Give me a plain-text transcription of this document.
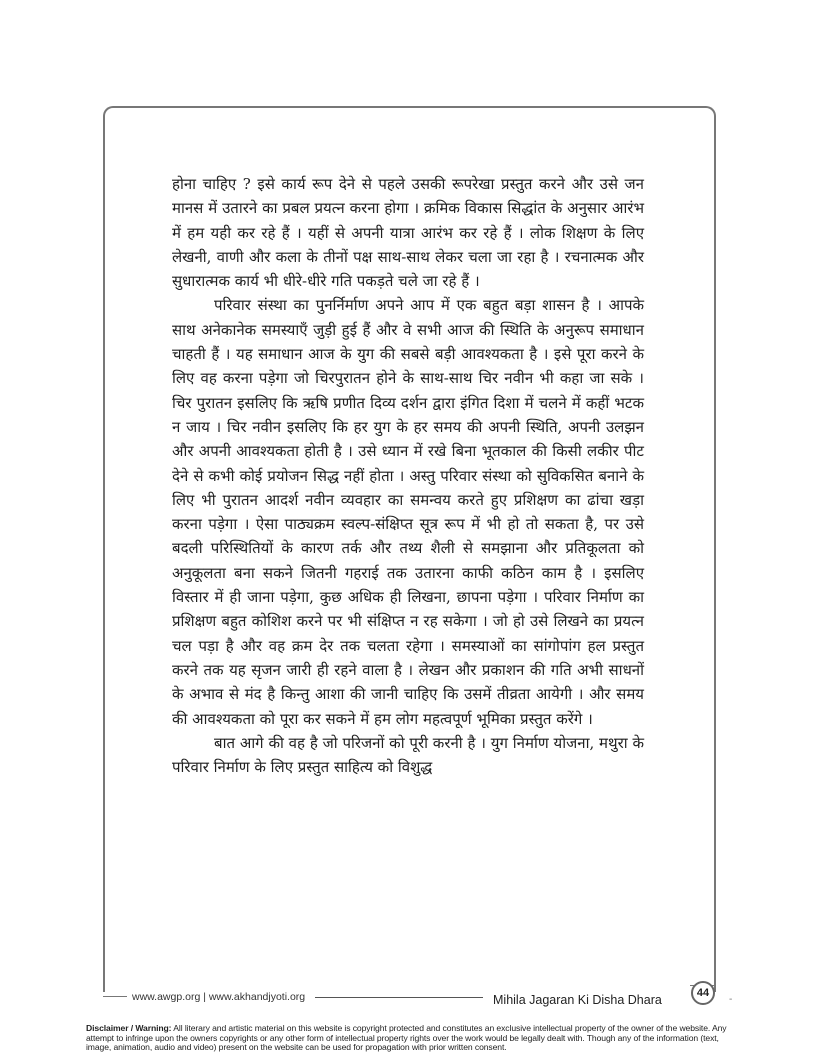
होना चाहिए ? इसे कार्य रूप देने से पहले उसकी रूपरेखा प्रस्तुत करने और उसे जन मानस में उतारने का प्रबल प्रयत्न करना होगा । क्रमिक विकास सिद्धांत के अनुसार आरंभ में हम यही कर रहे हैं । यहीं से अपनी यात्रा आरंभ कर रहे हैं । लोक शिक्षण के लिए लेखनी, वाणी और कला के तीनों पक्ष साथ-साथ लेकर चला जा रहा है । रचनात्मक और सुधारात्मक कार्य भी धीरे-धीरे गति पकड़ते चले जा रहे हैं ।

परिवार संस्था का पुनर्निर्माण अपने आप में एक बहुत बड़ा शासन है । आपके साथ अनेकानेक समस्याएँ जुड़ी हुई हैं और वे सभी आज की स्थिति के अनुरूप समाधान चाहती हैं । यह समाधान आज के युग की सबसे बड़ी आवश्यकता है । इसे पूरा करने के लिए वह करना पड़ेगा जो चिरपुरातन होने के साथ-साथ चिर नवीन भी कहा जा सके । चिर पुरातन इसलिए कि ऋषि प्रणीत दिव्य दर्शन द्वारा इंगित दिशा में चलने में कहीं भटक न जाय । चिर नवीन इसलिए कि हर युग के हर समय की अपनी स्थिति, अपनी उलझन और अपनी आवश्यकता होती है । उसे ध्यान में रखे बिना भूतकाल की किसी लकीर पीट देने से कभी कोई प्रयोजन सिद्ध नहीं होता । अस्तु परिवार संस्था को सुविकसित बनाने के लिए भी पुरातन आदर्श नवीन व्यवहार का समन्वय करते हुए प्रशिक्षण का ढांचा खड़ा करना पड़ेगा । ऐसा पाठ्यक्रम स्वल्प-संक्षिप्त सूत्र रूप में भी हो तो सकता है, पर उसे बदली परिस्थितियों के कारण तर्क और तथ्य शैली से समझाना और प्रतिकूलता को अनुकूलता बना सकने जितनी गहराई तक उतारना काफी कठिन काम है । इसलिए विस्तार में ही जाना पड़ेगा, कुछ अधिक ही लिखना, छापना पड़ेगा । परिवार निर्माण का प्रशिक्षण बहुत कोशिश करने पर भी संक्षिप्त न रह सकेगा । जो हो उसे लिखने का प्रयत्न चल पड़ा है और वह क्रम देर तक चलता रहेगा । समस्याओं का सांगोपांग हल प्रस्तुत करने तक यह सृजन जारी ही रहने वाला है । लेखन और प्रकाशन की गति अभी साधनों के अभाव से मंद है किन्तु आशा की जानी चाहिए कि उसमें तीव्रता आयेगी । और समय की आवश्यकता को पूरा कर सकने में हम लोग महत्वपूर्ण भूमिका प्रस्तुत करेंगे ।

बात आगे की वह है जो परिजनों को पूरी करनी है । युग निर्माण योजना, मथुरा के परिवार निर्माण के लिए प्रस्तुत साहित्य को विशुद्ध

www.awgp.org | www.akhandjyoti.org	Mihila Jagaran Ki Disha Dhara	44
-
Disclaimer / Warning: All literary and artistic material on this website is copyright protected and constitutes an exclusive intellectual property of the owner of the website. Any attempt to infringe upon the owners copyrights or any other form of intellectual property rights over the work would be legally dealt with. Though any of the information (text, image, animation, audio and video) present on the website can be used for propagation with prior written consent.
